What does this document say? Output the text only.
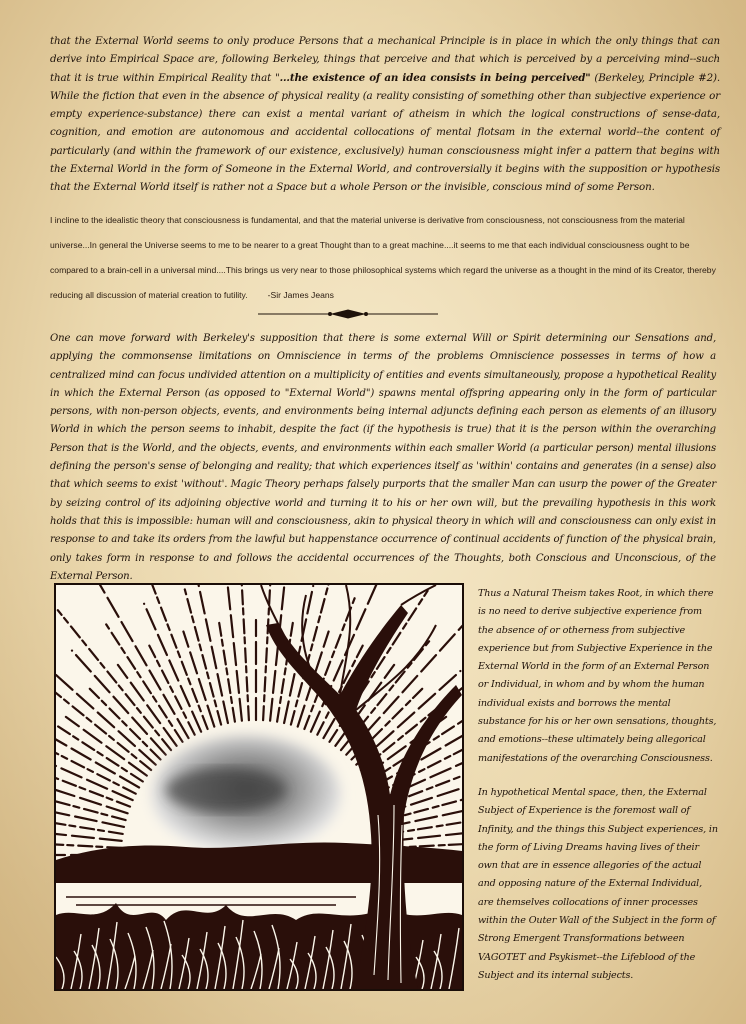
that the External World seems to only produce Persons that a mechanical Principle is in place in which the only things that can derive into Empirical Space are, following Berkeley, things that perceive and that which is perceived by a perceiving mind--such that it is true within Empirical Reality that "...the existence of an idea consists in being perceived" (Berkeley, Principle #2). While the fiction that even in the absence of physical reality (a reality consisting of something other than subjective experience or empty experience-substance) there can exist a mental variant of atheism in which the logical constructions of sense-data, cognition, and emotion are autonomous and accidental collocations of mental flotsam in the external world--the content of particularly (and within the framework of our existence, exclusively) human consciousness might infer a pattern that begins with the External World in the form of Someone in the External World, and controversially it begins with the supposition or hypothesis that the External World itself is rather not a Space but a whole Person or the invisible, conscious mind of some Person.

I incline to the idealistic theory that consciousness is fundamental, and that the material universe is derivative from consciousness, not consciousness from the material universe...In general the Universe seems to me to be nearer to a great Thought than to a great machine....it seems to me that each individual consciousness ought to be compared to a brain-cell in a universal mind....This brings us very near to those philosophical systems which regard the universe as a thought in the mind of its Creator, thereby reducing all discussion of material creation to futility. -Sir James Jeans

One can move forward with Berkeley's supposition that there is some external Will or Spirit determining our Sensations and, applying the commonsense limitations on Omniscience in terms of the problems Omniscience possesses in terms of how a centralized mind can focus undivided attention on a multiplicity of entities and events simultaneously, propose a hypothetical Reality in which the External Person (as opposed to "External World") spawns mental offspring appearing only in the form of particular persons, with non-person objects, events, and environments being internal adjuncts defining each person as elements of an illusory World in which the person seems to inhabit, despite the fact (if the hypothesis is true) that it is the person within the overarching Person that is the World, and the objects, events, and environments within each smaller World (a particular person) mental illusions defining the person's sense of belonging and reality; that which experiences itself as 'within' contains and generates (in a sense) also that which seems to exist 'without'. Magic Theory perhaps falsely purports that the smaller Man can usurp the power of the Greater by seizing control of its adjoining objective world and turning it to his or her own will, but the prevailing hypothesis in this work holds that this is impossible: human will and consciousness, akin to physical theory in which will and consciousness can only exist in response to and take its orders from the lawful but happenstance occurrence of continual accidents of function of the physical brain, only takes form in response to and follows the accidental occurrences of the Thoughts, both Conscious and Unconscious, of the External Person.

Thus a Natural Theism takes Root, in which there is no need to derive subjective experience from the absence of or otherness from subjective experience but from Subjective Experience in the External World in the form of an External Person or Individual, in whom and by whom the human individual exists and borrows the mental substance for his or her own sensations, thoughts, and emotions--these ultimately being allegorical manifestations of the overarching Consciousness.

In hypothetical Mental space, then, the External Subject of Experience is the foremost wall of Infinity, and the things this Subject experiences, in the form of Living Dreams having lives of their own that are in essence allegories of the actual and opposing nature of the External Individual, are themselves collocations of inner processes within the Outer Wall of the Subject in the form of Strong Emergent Transformations between VAGOTET and Psykismet--the Lifeblood of the Subject and its internal subjects.
